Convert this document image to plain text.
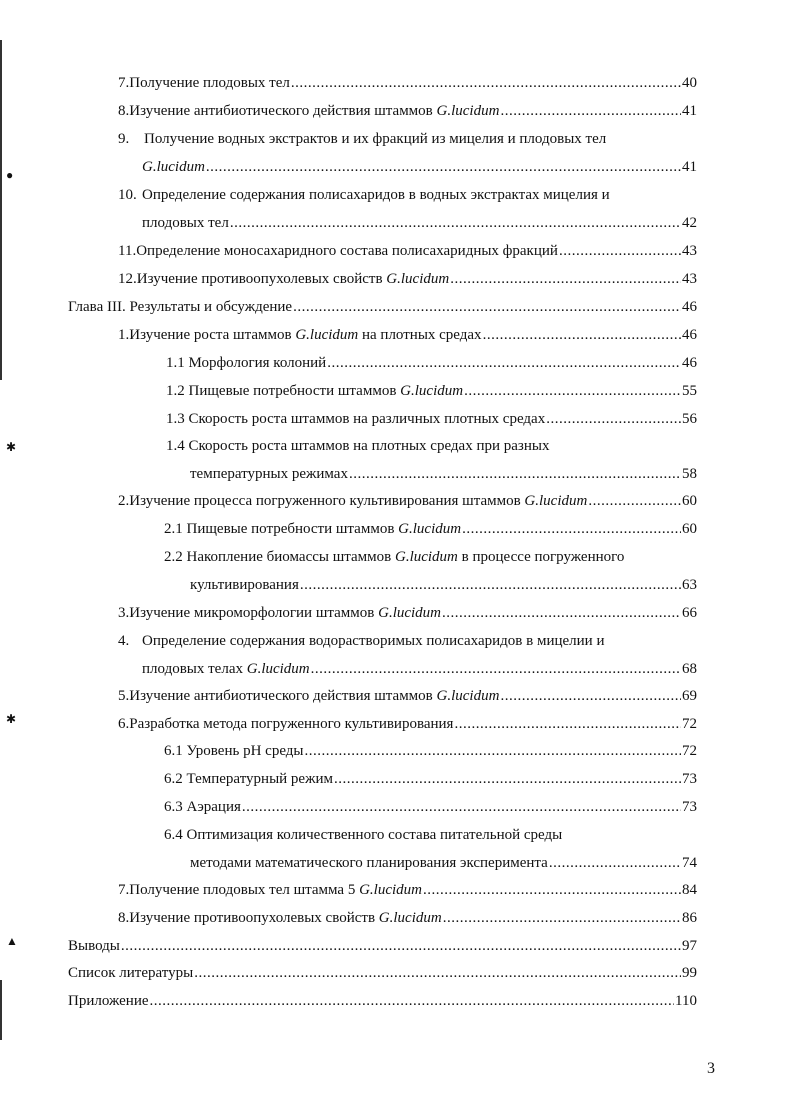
7. Получение плодовых тел .....	40
8. Изучение антибиотического действия штаммов G.lucidum .....	41
9. Получение водных экстрактов и их фракций из мицелия и плодовых тел
G.lucidum .....	41
10. Определение содержания полисахаридов в водных экстрактах мицелия и
плодовых тел .....	42
11. Определение моносахаридного состава полисахаридных фракций .....	43
12. Изучение противоопухолевых свойств G.lucidum .....	43
Глава III. Результаты и обсуждение .....	46
1. Изучение роста штаммов G.lucidum на плотных средах .....	46
1.1 Морфология колоний .....	46
1.2 Пищевые потребности штаммов G.lucidum .....	55
1.3 Скорость роста штаммов на различных плотных средах .....	56
1.4 Скорость роста штаммов на плотных средах при разных
температурных режимах .....	58
2. Изучение процесса погруженного культивирования штаммов G.lucidum .....	60
2.1 Пищевые потребности штаммов G.lucidum .....	60
2.2 Накопление биомассы штаммов G.lucidum в процессе погруженного
культивирования .....	63
3. Изучение микроморфологии штаммов G.lucidum .....	66
4. Определение содержания водорастворимых полисахаридов в мицелии и
плодовых телах G.lucidum .....	68
5. Изучение антибиотического действия штаммов G.lucidum .....	69
6. Разработка метода погруженного культивирования .....	72
6.1 Уровень pH среды .....	72
6.2 Температурный режим .....	73
6.3 Аэрация .....	73
6.4 Оптимизация количественного состава питательной среды
методами математического планирования эксперимента .....	74
7. Получение плодовых тел штамма 5 G.lucidum .....	84
8. Изучение противоопухолевых свойств G.lucidum .....	86
Выводы .....	97
Список литературы .....	99
Приложение .....	110
●
✱
✱
▲
3
